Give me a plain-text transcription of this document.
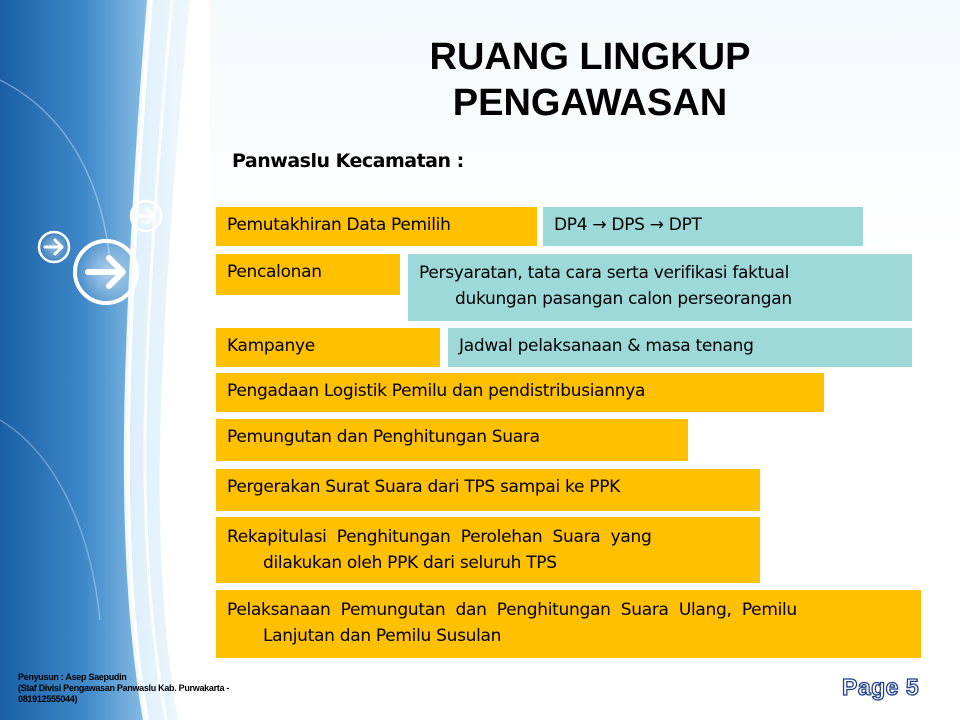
RUANG LINGKUP
PENGAWASAN
Panwaslu Kecamatan :
Pemutakhiran Data Pemilih	DP4 → DPS → DPT
Pencalonan	Persyaratan, tata cara serta verifikasi faktual
dukungan pasangan calon perseorangan
Kampanye	Jadwal pelaksanaan & masa tenang
Pengadaan Logistik Pemilu dan pendistribusiannya
Pemungutan dan Penghitungan Suara
Pergerakan Surat Suara dari TPS sampai ke PPK
Rekapitulasi  Penghitungan  Perolehan  Suara  yang
dilakukan oleh PPK dari seluruh TPS
Pelaksanaan  Pemungutan  dan  Penghitungan  Suara  Ulang,  Pemilu
Lanjutan dan Pemilu Susulan
Penyusun : Asep Saepudin
(Staf Divisi Pengawasan Panwaslu Kab. Purwakarta -
081912555044)	Page 5
